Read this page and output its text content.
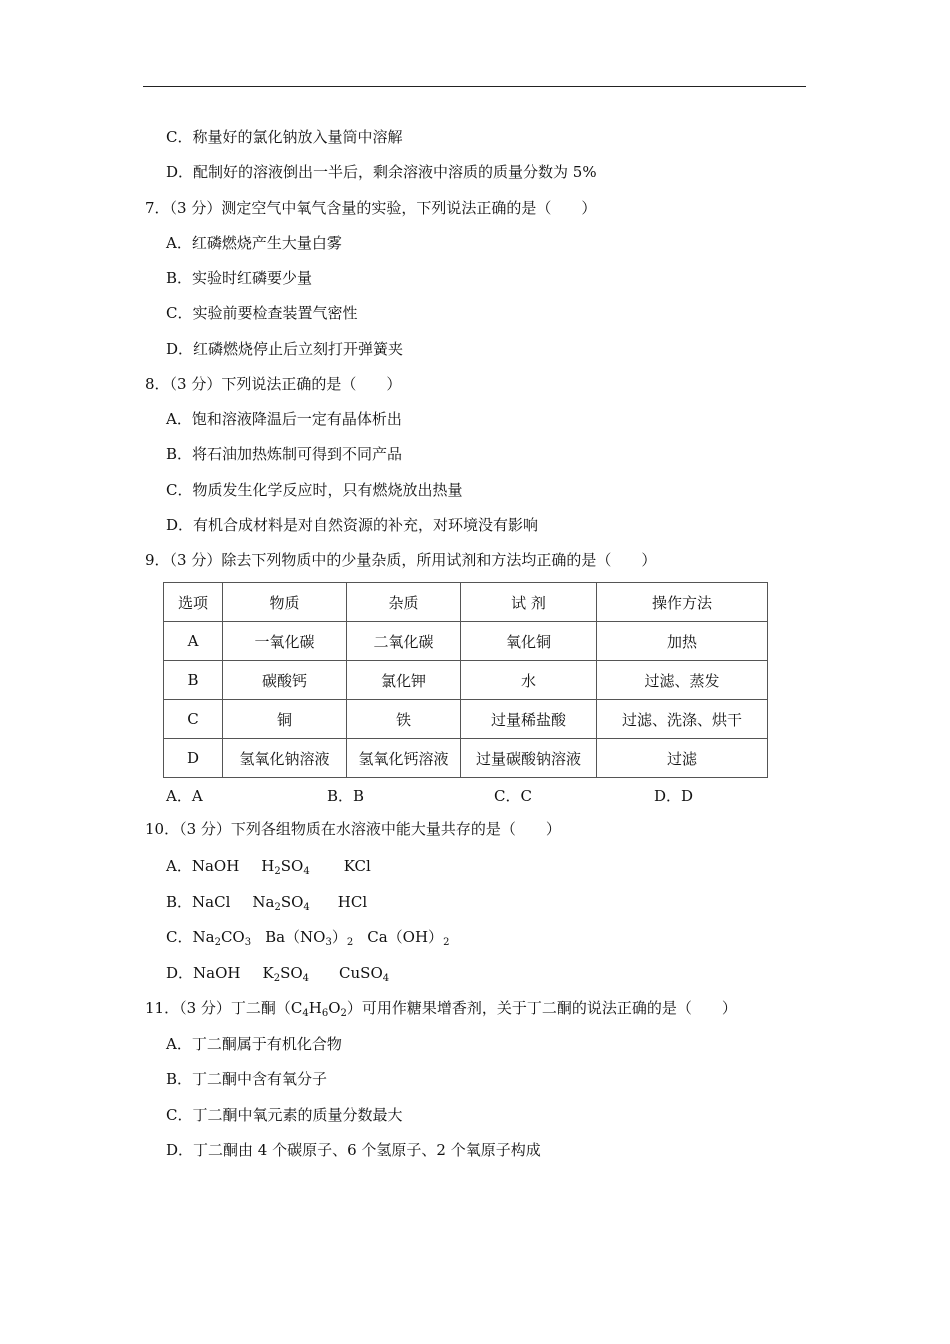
C．称量好的氯化钠放入量筒中溶解
D．配制好的溶液倒出一半后，剩余溶液中溶质的质量分数为 5%
7．（3 分）测定空气中氧气含量的实验，下列说法正确的是（　　）
A．红磷燃烧产生大量白雾
B．实验时红磷要少量
C．实验前要检查装置气密性
D．红磷燃烧停止后立刻打开弹簧夹
8．（3 分）下列说法正确的是（　　）
A．饱和溶液降温后一定有晶体析出
B．将石油加热炼制可得到不同产品
C．物质发生化学反应时，只有燃烧放出热量
D．有机合成材料是对自然资源的补充，对环境没有影响
9．（3 分）除去下列物质中的少量杂质，所用试剂和方法均正确的是（　　）
选项	物质	杂质	试 剂	操作方法
A	一氧化碳	二氧化碳	氧化铜	加热
B	碳酸钙	氯化钾	水	过滤、蒸发
C	铜	铁	过量稀盐酸	过滤、洗涤、烘干
D	氢氧化钠溶液	氢氧化钙溶液	过量碳酸钠溶液	过滤
A．A	B．B	C．C	D．D
10．（3 分）下列各组物质在水溶液中能大量共存的是（　　）
A．NaOH $H_2SO_4$ KCl
B．NaCl $Na_2SO_4$ HCl
C．$Na_2CO_3$ $Ba(NO_3)_2$ $Ca(OH)_2$
D．NaOH $K_2SO_4$ CuSO$_4$
11．（3 分）丁二酮$(C_4H_6O_2)$可用作糖果增香剂，关于丁二酮的说法正确的是（　　）
A．丁二酮属于有机化合物
B．丁二酮中含有氧分子
C．丁二酮中氧元素的质量分数最大
D．丁二酮由 4 个碳原子、6 个氢原子、2 个氧原子构成
